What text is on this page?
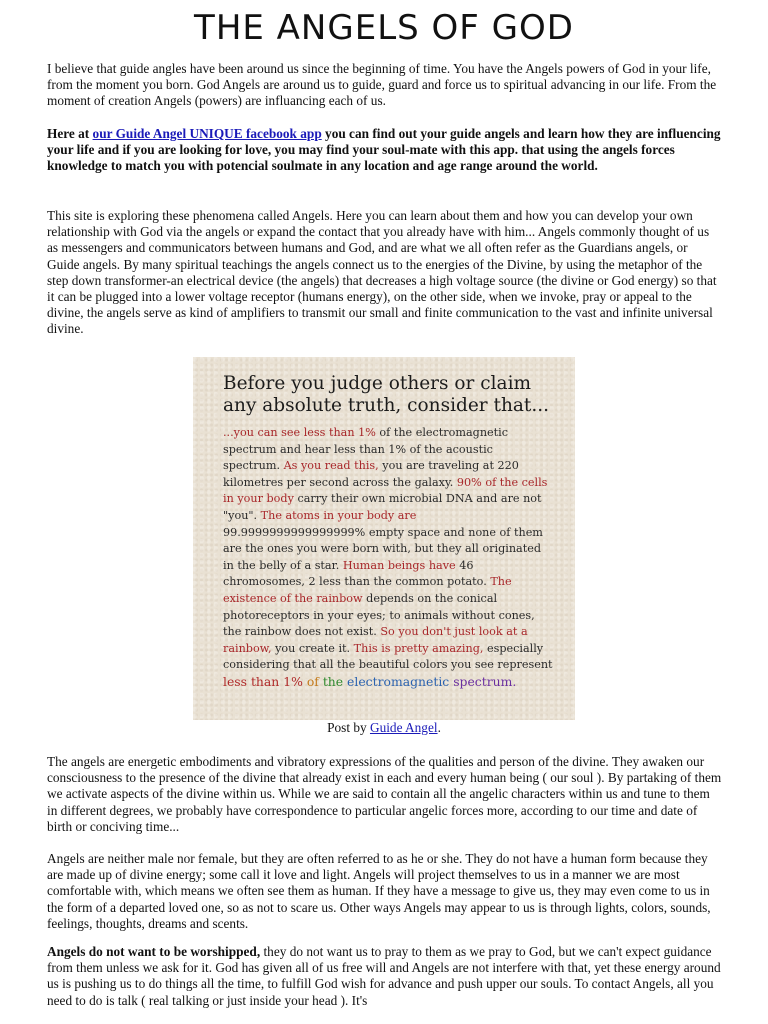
THE ANGELS OF GOD

I believe that guide angles have been around us since the beginning of time. You have the Angels powers of God in your life, from the moment you born. God Angels are around us to guide, guard and force us to spiritual advancing in our life. From the moment of creation Angels (powers) are influancing each of us.

Here at our Guide Angel UNIQUE facebook app you can find out your guide angels and learn how they are influencing your life and if you are looking for love, you may find your soul-mate with this app. that using the angels forces knowledge to match you with potencial soulmate in any location and age range around the world.

This site is exploring these phenomena called Angels. Here you can learn about them and how you can develop your own relationship with God via the angels or expand the contact that you already have with him... Angels commonly thought of us as messengers and communicators between humans and God, and are what we all often refer as the Guardians angels, or Guide angels. By many spiritual teachings the angels connect us to the energies of the Divine, by using the metaphor of the step down transformer-an electrical device (the angels) that decreases a high voltage source (the divine or God energy) so that it can be plugged into a lower voltage receptor (humans energy), on the other side, when we invoke, pray or appeal to the divine, the angels serve as kind of amplifiers to transmit our small and finite communication to the vast and infinite universal divine.

Before you judge others or claim any absolute truth, consider that...

...you can see less than 1% of the electromagnetic spectrum and hear less than 1% of the acoustic spectrum. As you read this, you are traveling at 220 kilometres per second across the galaxy. 90% of the cells in your body carry their own microbial DNA and are not "you". The atoms in your body are 99.9999999999999999% empty space and none of them are the ones you were born with, but they all originated in the belly of a star. Human beings have 46 chromosomes, 2 less than the common potato. The existence of the rainbow depends on the conical photoreceptors in your eyes; to animals without cones, the rainbow does not exist. So you don't just look at a rainbow, you create it. This is pretty amazing, especially considering that all the beautiful colors you see represent less than 1% of the electromagnetic spectrum.

Post by Guide Angel.

The angels are energetic embodiments and vibratory expressions of the qualities and person of the divine. They awaken our consciousness to the presence of the divine that already exist in each and every human being ( our soul ). By partaking of them we activate aspects of the divine within us. While we are said to contain all the angelic characters within us and tune to them in different degrees, we probably have correspondence to particular angelic forces more, according to our time and date of birth or conciving time...

Angels are neither male nor female, but they are often referred to as he or she. They do not have a human form because they are made up of divine energy; some call it love and light. Angels will project themselves to us in a manner we are most comfortable with, which means we often see them as human. If they have a message to give us, they may even come to us in the form of a departed loved one, so as not to scare us. Other ways Angels may appear to us is through lights, colors, sounds, feelings, thoughts, dreams and scents.

Angels do not want to be worshipped, they do not want us to pray to them as we pray to God, but we can't expect guidance from them unless we ask for it. God has given all of us free will and Angels are not interfere with that, yet these energy around us is pushing us to do things all the time, to fulfill God wish for advance and push upper our souls. To contact Angels, all you need to do is talk ( real talking or just inside your head ). It's
